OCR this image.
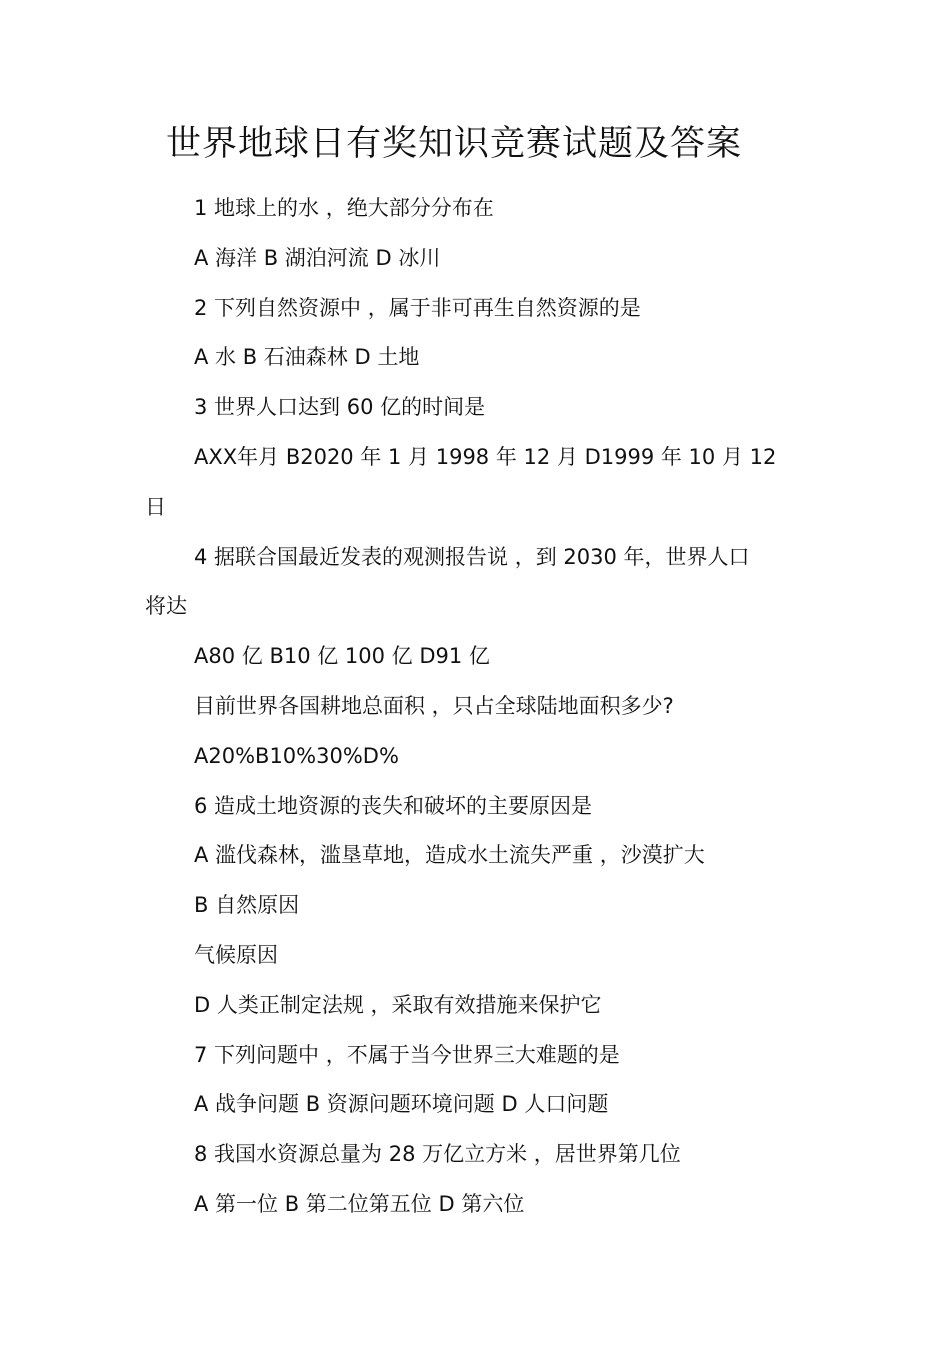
世界地球日有奖知识竞赛试题及答案

1 地球上的水 ，绝大部分分布在

A 海洋 B 湖泊河流 D 冰川

2 下列自然资源中 ，属于非可再生自然资源的是

A 水 B 石油森林 D 土地

3 世界人口达到 60 亿的时间是

AXX年月 B2020 年 1 月 1998 年 12 月 D1999 年 10 月 12

日

4 据联合国最近发表的观测报告说 ，到 2030 年，世界人口

将达

A80 亿 B10 亿 100 亿 D91 亿

目前世界各国耕地总面积 ，只占全球陆地面积多少?

A20%B10%30%D%

6 造成土地资源的丧失和破坏的主要原因是

A 滥伐森林，滥垦草地，造成水土流失严重 ，沙漠扩大

B 自然原因

气候原因

D 人类正制定法规 ，采取有效措施来保护它

7 下列问题中 ，不属于当今世界三大难题的是

A 战争问题 B 资源问题环境问题 D 人口问题

8 我国水资源总量为 28 万亿立方米 ，居世界第几位

A 第一位 B 第二位第五位 D 第六位
